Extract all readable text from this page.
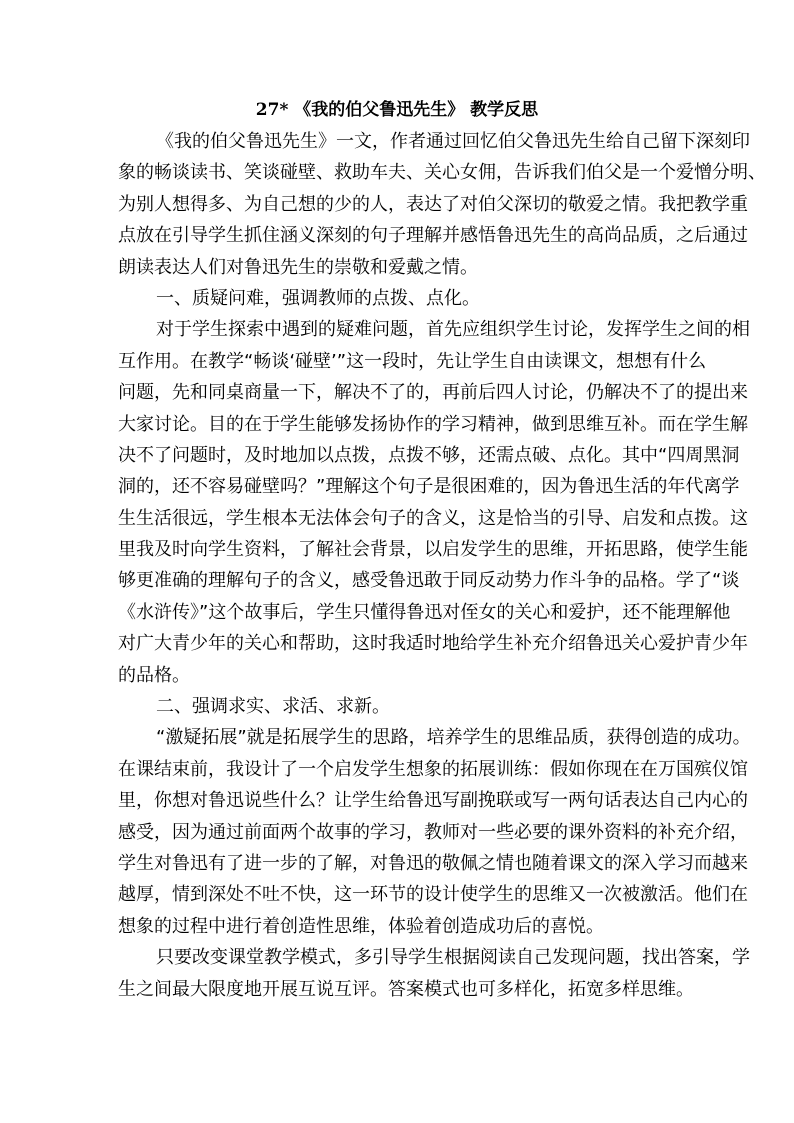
27* 《我的伯父鲁迅先生》 教学反思
《我的伯父鲁迅先生》一文，作者通过回忆伯父鲁迅先生给自己留下深刻印
象的畅谈读书、笑谈碰壁、救助车夫、关心女佣，告诉我们伯父是一个爱憎分明、
为别人想得多、为自己想的少的人，表达了对伯父深切的敬爱之情。我把教学重
点放在引导学生抓住涵义深刻的句子理解并感悟鲁迅先生的高尚品质，之后通过
朗读表达人们对鲁迅先生的崇敬和爱戴之情。
一、质疑问难，强调教师的点拨、点化。
对于学生探索中遇到的疑难问题，首先应组织学生讨论，发挥学生之间的相
互作用。在教学“畅谈‘碰壁’”这一段时，先让学生自由读课文，想想有什么
问题，先和同桌商量一下，解决不了的，再前后四人讨论，仍解决不了的提出来
大家讨论。目的在于学生能够发扬协作的学习精神，做到思维互补。而在学生解
决不了问题时，及时地加以点拨，点拨不够，还需点破、点化。其中“四周黑洞
洞的，还不容易碰壁吗？”理解这个句子是很困难的，因为鲁迅生活的年代离学
生生活很远，学生根本无法体会句子的含义，这是恰当的引导、启发和点拨。这
里我及时向学生资料，了解社会背景，以启发学生的思维，开拓思路，使学生能
够更准确的理解句子的含义，感受鲁迅敢于同反动势力作斗争的品格。学了“谈
《水浒传》”这个故事后，学生只懂得鲁迅对侄女的关心和爱护，还不能理解他
对广大青少年的关心和帮助，这时我适时地给学生补充介绍鲁迅关心爱护青少年
的品格。
二、强调求实、求活、求新。
“激疑拓展”就是拓展学生的思路，培养学生的思维品质，获得创造的成功。
在课结束前，我设计了一个启发学生想象的拓展训练：假如你现在在万国殡仪馆
里，你想对鲁迅说些什么？让学生给鲁迅写副挽联或写一两句话表达自己内心的
感受，因为通过前面两个故事的学习，教师对一些必要的课外资料的补充介绍，
学生对鲁迅有了进一步的了解，对鲁迅的敬佩之情也随着课文的深入学习而越来
越厚，情到深处不吐不快，这一环节的设计使学生的思维又一次被激活。他们在
想象的过程中进行着创造性思维，体验着创造成功后的喜悦。
只要改变课堂教学模式，多引导学生根据阅读自己发现问题，找出答案，学
生之间最大限度地开展互说互评。答案模式也可多样化，拓宽多样思维。
